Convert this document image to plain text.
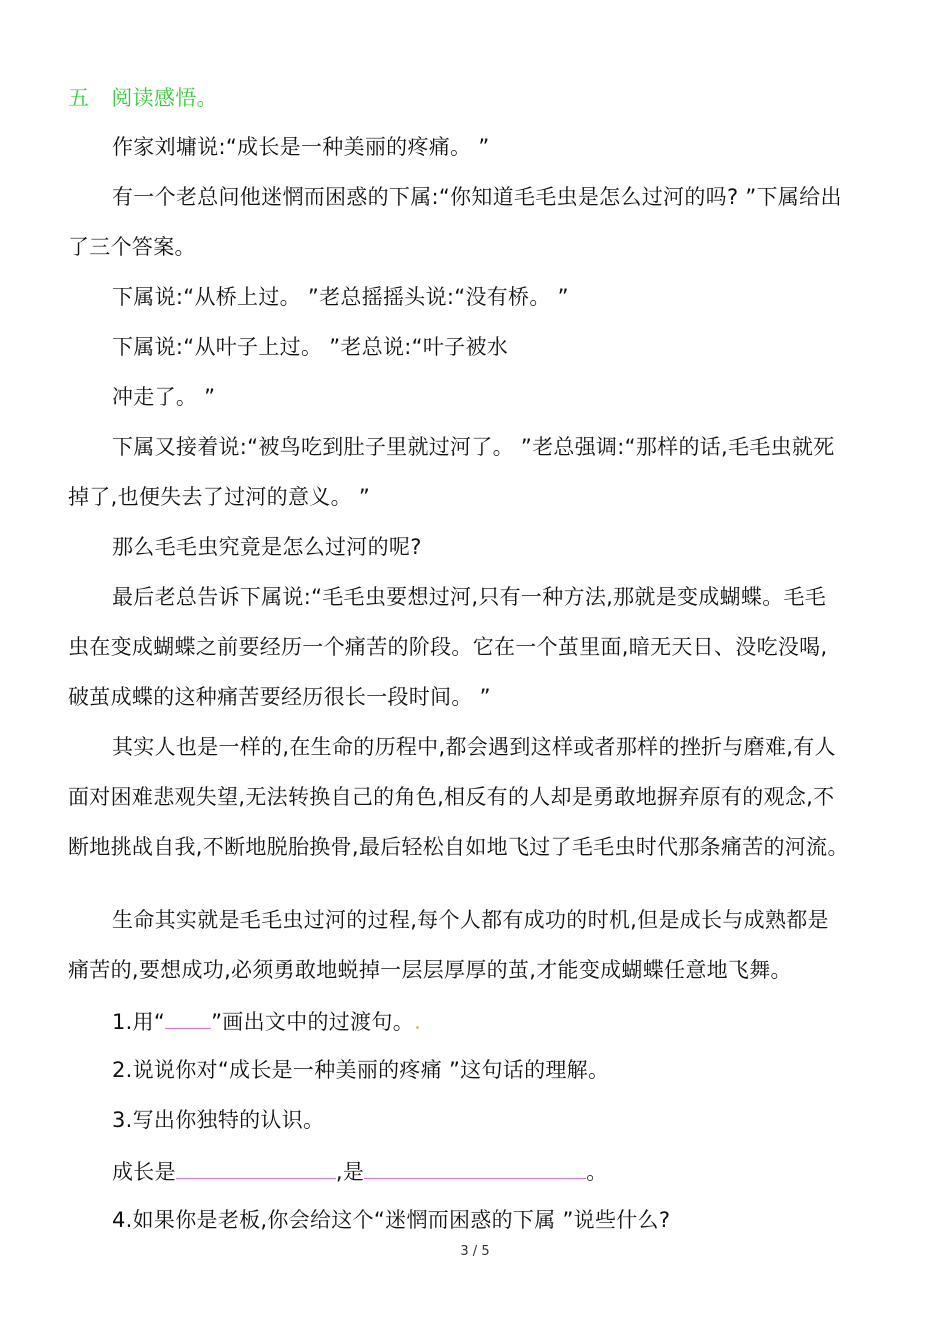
五 阅读感悟。
作家刘墉说:“成长是一种美丽的疼痛。 ”
有一个老总问他迷惘而困惑的下属:“你知道毛毛虫是怎么过河的吗? ”下属给出
了三个答案。
下属说:“从桥上过。 ”老总摇摇头说:“没有桥。 ”
下属说:“从叶子上过。 ”老总说:“叶子被水
冲走了。 ”
下属又接着说:“被鸟吃到肚子里就过河了。 ”老总强调:“那样的话,毛毛虫就死
掉了,也便失去了过河的意义。 ”
那么毛毛虫究竟是怎么过河的呢?
最后老总告诉下属说:“毛毛虫要想过河,只有一种方法,那就是变成蝴蝶。毛毛
虫在变成蝴蝶之前要经历一个痛苦的阶段。它在一个茧里面,暗无天日、没吃没喝,
破茧成蝶的这种痛苦要经历很长一段时间。 ”
其实人也是一样的,在生命的历程中,都会遇到这样或者那样的挫折与磨难,有人
面对困难悲观失望,无法转换自己的角色,相反有的人却是勇敢地摒弃原有的观念,不
断地挑战自我,不断地脱胎换骨,最后轻松自如地飞过了毛毛虫时代那条痛苦的河流。
生命其实就是毛毛虫过河的过程,每个人都有成功的时机,但是成长与成熟都是
痛苦的,要想成功,必须勇敢地蜕掉一层层厚厚的茧,才能变成蝴蝶任意地飞舞。
1.用“ ”画出文中的过渡句。
2.说说你对“成长是一种美丽的疼痛 ”这句话的理解。
3.写出你独特的认识。
成长是	,是	。
4.如果你是老板,你会给这个“迷惘而困惑的下属 ”说些什么?
3 / 5
